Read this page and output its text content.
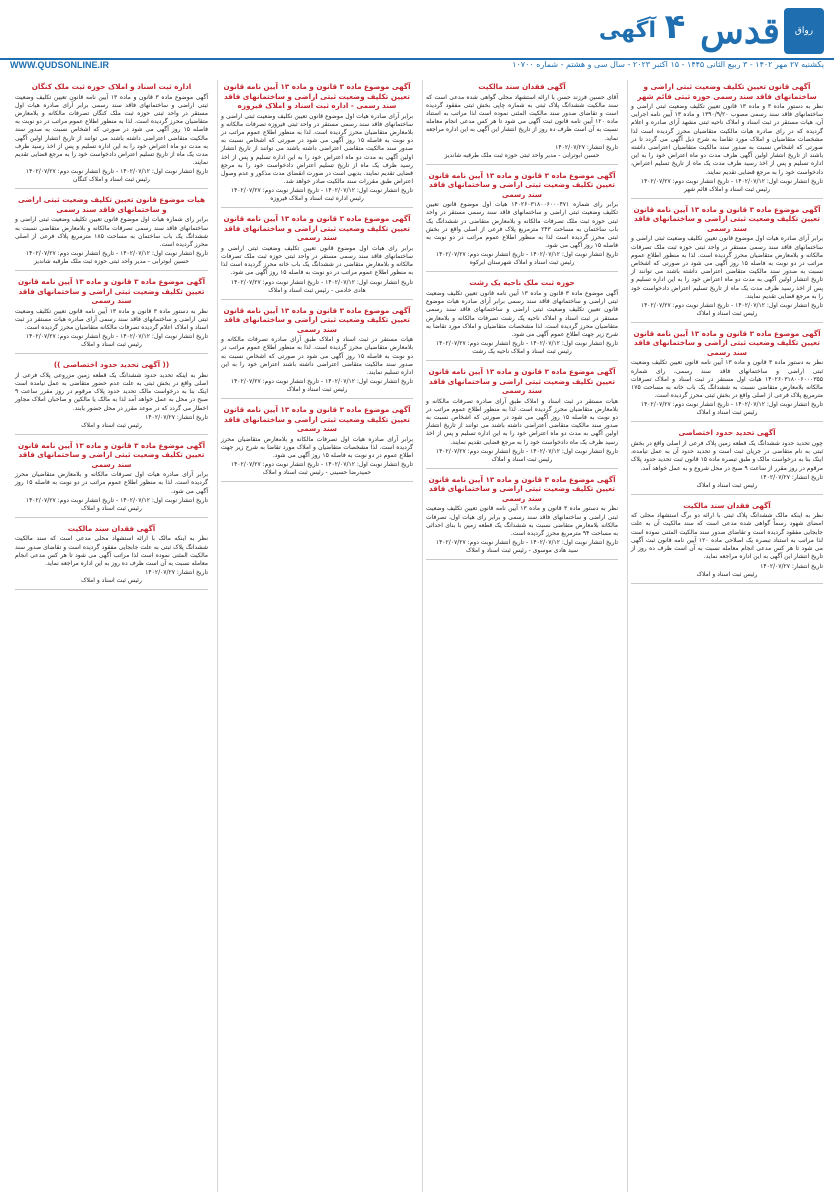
رواق
قدس
۴
آگهی
یکشنبه ۲۷ مهر ۱۴۰۲ - ۳ ربیع الثانی ۱۴۴۵ - ۱۵ اکتبر ۲۰۲۳ - سال سی و هشتم - شماره ۱۰۷۰۰
WWW.QUDSONLINE.IR
آگهی قانون تعیین تکلیف وضعیت ثبتی اراضی و ساختمانهای فاقد سند رسمی حوزه ثبتی قائم شهر
نظر به دستور ماده ۳ و ماده ۱۳ قانون تعیین تکلیف وضعیت ثبتی اراضی و ساختمانهای فاقد سند رسمی مصوب ۱۳۹۰/۹/۲۰ و ماده ۱۳ آیین نامه اجرایی آن، هیات مستقر در ثبت اسناد و املاک ناحیه ثبتی مشهد آرای صادره و اعلام گردیده که در رای صادره هیات مالکیت متقاضیان محرز گردیده است لذا مشخصات متقاضیان و املاک مورد تقاضا به شرح ذیل آگهی می گردد تا در صورتی که اشخاص نسبت به صدور سند مالکیت متقاضیان اعتراضی داشته باشند از تاریخ انتشار اولین آگهی ظرف مدت دو ماه اعتراض خود را به این اداره تسلیم و پس از اخذ رسید ظرف مدت یک ماه از تاریخ تسلیم اعتراض، دادخواست خود را به مرجع قضایی تقدیم نمایند.
تاریخ انتشار نوبت اول: ۱۴۰۲/۰۷/۱۲ - تاریخ انتشار نوبت دوم: ۱۴۰۲/۰۷/۲۷
رئیس ثبت اسناد و املاک قائم شهر
آگهی موضوع ماده ۳ قانون و ماده ۱۳ آیین نامه قانون تعیین تکلیف وضعیت ثبتی اراضی و ساختمانهای فاقد سند رسمی
برابر آرای صادره هیات اول موضوع قانون تعیین تکلیف وضعیت ثبتی اراضی و ساختمانهای فاقد سند رسمی مستقر در واحد ثبتی حوزه ثبت ملک تصرفات مالکانه و بلامعارض متقاضیان محرز گردیده است. لذا به منظور اطلاع عموم مراتب در دو نوبت به فاصله ۱۵ روز آگهی می شود در صورتی که اشخاص نسبت به صدور سند مالکیت متقاضی اعتراضی داشته باشند می توانند از تاریخ انتشار اولین آگهی به مدت دو ماه اعتراض خود را به این اداره تسلیم و پس از اخذ رسید ظرف مدت یک ماه از تاریخ تسلیم اعتراض دادخواست خود را به مرجع قضایی تقدیم نمایند.
تاریخ انتشار نوبت اول: ۱۴۰۲/۰۷/۱۲ - تاریخ انتشار نوبت دوم: ۱۴۰۲/۰۷/۲۷
رئیس ثبت اسناد و املاک
آگهی موضوع ماده ۳ قانون و ماده ۱۳ آیین نامه قانون تعیین تکلیف وضعیت ثبتی اراضی و ساختمانهای فاقد سند رسمی
نظر به دستور ماده ۳ قانون و ماده ۱۳ آیین نامه قانون تعیین تکلیف وضعیت ثبتی اراضی و ساختمانهای فاقد سند رسمی، رای شماره ۱۴۰۲۶۰۳۱۸۰۰۶۰۰۰۳۵۵ هیات اول مستقر در ثبت اسناد و املاک تصرفات مالکانه بلامعارض متقاضی نسبت به ششدانگ یک باب خانه به مساحت ۱۷۵ مترمربع پلاک فرعی از اصلی واقع در بخش ثبتی محرز گردیده است.
تاریخ انتشار نوبت اول: ۱۴۰۲/۰۷/۱۲ - تاریخ انتشار نوبت دوم: ۱۴۰۲/۰۷/۲۷
رئیس ثبت اسناد و املاک
آگهی تحدید حدود اختصاصی
چون تحدید حدود ششدانگ یک قطعه زمین پلاک فرعی از اصلی واقع در بخش ثبتی به نام متقاضی در جریان ثبت است و تحدید حدود آن به عمل نیامده، اینک بنا به درخواست مالک و طبق تبصره ماده ۱۵ قانون ثبت تحدید حدود پلاک مرقوم در روز مقرر از ساعت ۹ صبح در محل شروع و به عمل خواهد آمد.
تاریخ انتشار: ۱۴۰۲/۰۷/۲۷
رئیس ثبت اسناد و املاک
آگهی فقدان سند مالکیت
نظر به اینکه مالک ششدانگ پلاک ثبتی با ارائه دو برگ استشهاد محلی که امضای شهود رسماً گواهی شده مدعی است که سند مالکیت آن به علت جابجایی مفقود گردیده است و تقاضای صدور سند مالکیت المثنی نموده است لذا مراتب به استناد تبصره یک اصلاحی ماده ۱۲۰ آیین نامه قانون ثبت آگهی می شود تا هر کس مدعی انجام معامله نسبت به آن است ظرف ده روز از تاریخ انتشار این آگهی به این اداره مراجعه نماید.
تاریخ انتشار: ۱۴۰۲/۰۷/۲۷
رئیس ثبت اسناد و املاک
آگهی فقدان سند مالکیت
آقای حسین فرزند حسن با ارائه استشهاد محلی گواهی شده مدعی است که سند مالکیت ششدانگ پلاک ثبتی به شماره چاپی بخش ثبتی مفقود گردیده است و تقاضای صدور سند مالکیت المثنی نموده است لذا مراتب به استناد ماده ۱۲۰ آیین نامه قانون ثبت آگهی می شود تا هر کس مدعی انجام معامله نسبت به آن است ظرف ده روز از تاریخ انتشار این آگهی به این اداره مراجعه نماید.
تاریخ انتشار: ۱۴۰۲/۰۷/۲۷
حسین ابوترابی - مدیر واحد ثبتی حوزه ثبت ملک طرقبه شاندیز
آگهی موضوع ماده ۳ قانون و ماده ۱۳ آیین نامه قانون تعیین تکلیف وضعیت ثبتی اراضی و ساختمانهای فاقد سند رسمی
برابر رای شماره ۱۴۰۲۶۰۳۱۸۰۰۶۰۰۰۴۷۱ هیات اول موضوع قانون تعیین تکلیف وضعیت ثبتی اراضی و ساختمانهای فاقد سند رسمی مستقر در واحد ثبتی حوزه ثبت ملک تصرفات مالکانه و بلامعارض متقاضی در ششدانگ یک باب ساختمان به مساحت ۲۴۳ مترمربع پلاک فرعی از اصلی واقع در بخش ثبتی محرز گردیده است لذا به منظور اطلاع عموم مراتب در دو نوبت به فاصله ۱۵ روز آگهی می شود.
تاریخ انتشار نوبت اول: ۱۴۰۲/۰۷/۱۲ - تاریخ انتشار نوبت دوم: ۱۴۰۲/۰۷/۲۷
رئیس ثبت اسناد و املاک شهرستان ابرکوه
حوزه ثبت ملک ناحیه یک رشت
آگهی موضوع ماده ۳ قانون و ماده ۱۳ آیین نامه قانون تعیین تکلیف وضعیت ثبتی اراضی و ساختمانهای فاقد سند رسمی برابر آرای صادره هیات موضوع قانون تعیین تکلیف وضعیت ثبتی اراضی و ساختمانهای فاقد سند رسمی مستقر در ثبت اسناد و املاک ناحیه یک رشت تصرفات مالکانه و بلامعارض متقاضیان محرز گردیده است. لذا مشخصات متقاضیان و املاک مورد تقاضا به شرح زیر جهت اطلاع عموم آگهی می شود.
تاریخ انتشار نوبت اول: ۱۴۰۲/۰۷/۱۲ - تاریخ انتشار نوبت دوم: ۱۴۰۲/۰۷/۲۷
رئیس ثبت اسناد و املاک ناحیه یک رشت
آگهی موضوع ماده ۳ قانون و ماده ۱۳ آیین نامه قانون تعیین تکلیف وضعیت ثبتی اراضی و ساختمانهای فاقد سند رسمی
هیات مستقر در ثبت اسناد و املاک طبق آرای صادره تصرفات مالکانه و بلامعارض متقاضیان محرز گردیده است. لذا به منظور اطلاع عموم مراتب در دو نوبت به فاصله ۱۵ روز آگهی می شود در صورتی که اشخاص نسبت به صدور سند مالکیت متقاضی اعتراضی داشته باشند می توانند از تاریخ انتشار اولین آگهی به مدت دو ماه اعتراض خود را به این اداره تسلیم و پس از اخذ رسید ظرف یک ماه دادخواست خود را به مرجع قضایی تقدیم نمایند.
تاریخ انتشار نوبت اول: ۱۴۰۲/۰۷/۱۲ - تاریخ انتشار نوبت دوم: ۱۴۰۲/۰۷/۲۷
رئیس ثبت اسناد و املاک
آگهی موضوع ماده ۳ قانون و ماده ۱۳ آیین نامه قانون تعیین تکلیف وضعیت ثبتی اراضی و ساختمانهای فاقد سند رسمی
نظر به دستور ماده ۳ قانون و ماده ۱۳ آیین نامه قانون تعیین تکلیف وضعیت ثبتی اراضی و ساختمانهای فاقد سند رسمی و برابر رای هیات اول، تصرفات مالکانه بلامعارض متقاضی نسبت به ششدانگ یک قطعه زمین با بنای احداثی به مساحت ۹۴ مترمربع محرز گردیده است.
تاریخ انتشار نوبت اول: ۱۴۰۲/۰۷/۱۲ - تاریخ انتشار نوبت دوم: ۱۴۰۲/۰۷/۲۷
سید هادی موسوی - رئیس ثبت اسناد و املاک
آگهی موضوع ماده ۳ قانون و ماده ۱۳ آیین نامه قانون تعیین تکلیف وضعیت ثبتی اراضی و ساختمانهای فاقد سند رسمی - اداره ثبت اسناد و املاک فیروزه
برابر آرای صادره هیات اول موضوع قانون تعیین تکلیف وضعیت ثبتی اراضی و ساختمانهای فاقد سند رسمی مستقر در واحد ثبتی فیروزه تصرفات مالکانه و بلامعارض متقاضیان محرز گردیده است. لذا به منظور اطلاع عموم مراتب در دو نوبت به فاصله ۱۵ روز آگهی می شود در صورتی که اشخاص نسبت به صدور سند مالکیت متقاضی اعتراضی داشته باشند می توانند از تاریخ انتشار اولین آگهی به مدت دو ماه اعتراض خود را به این اداره تسلیم و پس از اخذ رسید ظرف یک ماه از تاریخ تسلیم اعتراض دادخواست خود را به مرجع قضایی تقدیم نمایند. بدیهی است در صورت انقضای مدت مذکور و عدم وصول اعتراض طبق مقررات سند مالکیت صادر خواهد شد.
تاریخ انتشار نوبت اول: ۱۴۰۲/۰۷/۱۲ - تاریخ انتشار نوبت دوم: ۱۴۰۲/۰۷/۲۷
رئیس اداره ثبت اسناد و املاک فیروزه
آگهی موضوع ماده ۳ قانون و ماده ۱۳ آیین نامه قانون تعیین تکلیف وضعیت ثبتی اراضی و ساختمانهای فاقد سند رسمی
برابر رای هیات اول موضوع قانون تعیین تکلیف وضعیت ثبتی اراضی و ساختمانهای فاقد سند رسمی مستقر در واحد ثبتی حوزه ثبت ملک تصرفات مالکانه و بلامعارض متقاضی در ششدانگ یک باب خانه محرز گردیده است لذا به منظور اطلاع عموم مراتب در دو نوبت به فاصله ۱۵ روز آگهی می شود.
تاریخ انتشار نوبت اول: ۱۴۰۲/۰۷/۱۲ - تاریخ انتشار نوبت دوم: ۱۴۰۲/۰۷/۲۷
هادی خادمی - رئیس ثبت اسناد و املاک
آگهی موضوع ماده ۳ قانون و ماده ۱۳ آیین نامه قانون تعیین تکلیف وضعیت ثبتی اراضی و ساختمانهای فاقد سند رسمی
هیات مستقر در ثبت اسناد و املاک طبق آرای صادره تصرفات مالکانه و بلامعارض متقاضیان محرز گردیده است. لذا به منظور اطلاع عموم مراتب در دو نوبت به فاصله ۱۵ روز آگهی می شود در صورتی که اشخاص نسبت به صدور سند مالکیت متقاضی اعتراضی داشته باشند اعتراض خود را به این اداره تسلیم نمایند.
تاریخ انتشار نوبت اول: ۱۴۰۲/۰۷/۱۲ - تاریخ انتشار نوبت دوم: ۱۴۰۲/۰۷/۲۷
رئیس ثبت اسناد و املاک
آگهی موضوع ماده ۳ قانون و ماده ۱۳ آیین نامه قانون تعیین تکلیف وضعیت ثبتی اراضی و ساختمانهای فاقد سند رسمی
برابر آرای صادره هیات اول تصرفات مالکانه و بلامعارض متقاضیان محرز گردیده است. لذا مشخصات متقاضیان و املاک مورد تقاضا به شرح زیر جهت اطلاع عموم در دو نوبت به فاصله ۱۵ روز آگهی می شود.
تاریخ انتشار نوبت اول: ۱۴۰۲/۰۷/۱۲ - تاریخ انتشار نوبت دوم: ۱۴۰۲/۰۷/۲۷
حمیدرضا حسینی - رئیس ثبت اسناد و املاک
اداره ثبت اسناد و املاک حوزه ثبت ملک کنگان
آگهی موضوع ماده ۳ قانون و ماده ۱۳ آیین نامه قانون تعیین تکلیف وضعیت ثبتی اراضی و ساختمانهای فاقد سند رسمی برابر آرای صادره هیات اول مستقر در واحد ثبتی حوزه ثبت ملک کنگان تصرفات مالکانه و بلامعارض متقاضیان محرز گردیده است. لذا به منظور اطلاع عموم مراتب در دو نوبت به فاصله ۱۵ روز آگهی می شود در صورتی که اشخاص نسبت به صدور سند مالکیت متقاضی اعتراضی داشته باشند می توانند از تاریخ انتشار اولین آگهی به مدت دو ماه اعتراض خود را به این اداره تسلیم و پس از اخذ رسید ظرف مدت یک ماه از تاریخ تسلیم اعتراض دادخواست خود را به مرجع قضایی تقدیم نمایند.
تاریخ انتشار نوبت اول: ۱۴۰۲/۰۷/۱۲ - تاریخ انتشار نوبت دوم: ۱۴۰۲/۰۷/۲۷
رئیس ثبت اسناد و املاک کنگان
هیات موضوع قانون تعیین تکلیف وضعیت ثبتی اراضی و ساختمانهای فاقد سند رسمی
برابر رای شماره هیات اول موضوع قانون تعیین تکلیف وضعیت ثبتی اراضی و ساختمانهای فاقد سند رسمی تصرفات مالکانه و بلامعارض متقاضی نسبت به ششدانگ یک باب ساختمان به مساحت ۱۸۵ مترمربع پلاک فرعی از اصلی محرز گردیده است.
تاریخ انتشار نوبت اول: ۱۴۰۲/۰۷/۱۲ - تاریخ انتشار نوبت دوم: ۱۴۰۲/۰۷/۲۷
حسین ابوترابی - مدیر واحد ثبتی حوزه ثبت ملک طرقبه شاندیز
آگهی موضوع ماده ۳ قانون و ماده ۱۳ آیین نامه قانون تعیین تکلیف وضعیت ثبتی اراضی و ساختمانهای فاقد سند رسمی
نظر به دستور ماده ۳ قانون و ماده ۱۳ آیین نامه قانون تعیین تکلیف وضعیت ثبتی اراضی و ساختمانهای فاقد سند رسمی آرای صادره هیات مستقر در ثبت اسناد و املاک اعلام گردیده تصرفات مالکانه متقاضیان محرز گردیده است.
تاریخ انتشار نوبت اول: ۱۴۰۲/۰۷/۱۲ - تاریخ انتشار نوبت دوم: ۱۴۰۲/۰۷/۲۷
رئیس ثبت اسناد و املاک
(( آگهی تحدید حدود اختصاصی ))
نظر به اینکه تحدید حدود ششدانگ یک قطعه زمین مزروعی پلاک فرعی از اصلی واقع در بخش ثبتی به علت عدم حضور متقاضی به عمل نیامده است اینک بنا به درخواست مالک تحدید حدود پلاک مرقوم در روز مقرر ساعت ۹ صبح در محل به عمل خواهد آمد لذا به مالک یا مالکین و صاحبان املاک مجاور اخطار می گردد که در موعد مقرر در محل حضور یابند.
تاریخ انتشار: ۱۴۰۲/۰۷/۲۷
رئیس ثبت اسناد و املاک
آگهی موضوع ماده ۳ قانون و ماده ۱۳ آیین نامه قانون تعیین تکلیف وضعیت ثبتی اراضی و ساختمانهای فاقد سند رسمی
برابر آرای صادره هیات اول تصرفات مالکانه و بلامعارض متقاضیان محرز گردیده است. لذا به منظور اطلاع عموم مراتب در دو نوبت به فاصله ۱۵ روز آگهی می شود.
تاریخ انتشار نوبت اول: ۱۴۰۲/۰۷/۱۲ - تاریخ انتشار نوبت دوم: ۱۴۰۲/۰۷/۲۷
رئیس ثبت اسناد و املاک
آگهی فقدان سند مالکیت
نظر به اینکه مالک با ارائه استشهاد محلی مدعی است که سند مالکیت ششدانگ پلاک ثبتی به علت جابجایی مفقود گردیده است و تقاضای صدور سند مالکیت المثنی نموده است لذا مراتب آگهی می شود تا هر کس مدعی انجام معامله نسبت به آن است ظرف ده روز به این اداره مراجعه نماید.
تاریخ انتشار: ۱۴۰۲/۰۷/۲۷
رئیس ثبت اسناد و املاک
